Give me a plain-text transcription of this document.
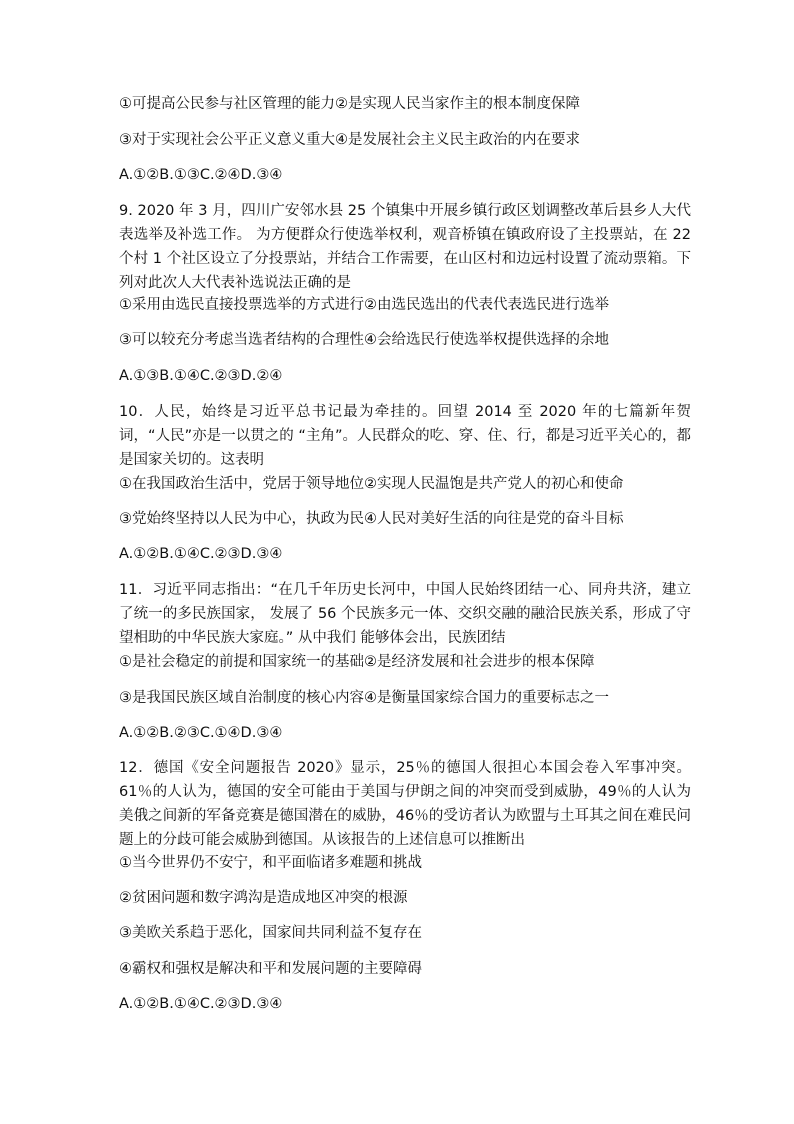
①可提高公民参与社区管理的能力②是实现人民当家作主的根本制度保障
③对于实现社会公平正义意义重大④是发展社会主义民主政治的内在要求
A.①②B.①③C.②④D.③④
9. 2020 年 3 月，四川广安邻水县 25 个镇集中开展乡镇行政区划调整改革后县乡人大代表选举及补选工作。 为方便群众行使选举权利，观音桥镇在镇政府设了主投票站，在 22 个村 1 个社区设立了分投票站，并结合工作需要，在山区村和边远村设置了流动票箱。下列对此次人大代表补选说法正确的是
①采用由选民直接投票选举的方式进行②由选民选出的代表代表选民进行选举
③可以较充分考虑当选者结构的合理性④会给选民行使选举权提供选择的余地
A.①③B.①④C.②③D.②④
10．人民，始终是习近平总书记最为牵挂的。回望 2014 至 2020 年的七篇新年贺词，“人民”亦是一以贯之的 “主角”。人民群众的吃、穿、住、行，都是习近平关心的，都是国家关切的。这表明
①在我国政治生活中，党居于领导地位②实现人民温饱是共产党人的初心和使命
③党始终坚持以人民为中心，执政为民④人民对美好生活的向往是党的奋斗目标
A.①②B.①④C.②③D.③④
11．习近平同志指出：“在几千年历史长河中，中国人民始终团结一心、同舟共济，建立了统一的多民族国家， 发展了 56 个民族多元一体、交织交融的融洽民族关系，形成了守望相助的中华民族大家庭。” 从中我们 能够体会出，民族团结
①是社会稳定的前提和国家统一的基础②是经济发展和社会进步的根本保障
③是我国民族区域自治制度的核心内容④是衡量国家综合国力的重要标志之一
A.①②B.②③C.①④D.③④
12．德国《安全问题报告 2020》显示，25％的德国人很担心本国会卷入军事冲突。61％的人认为，德国的安全可能由于美国与伊朗之间的冲突而受到威胁，49％的人认为美俄之间新的军备竞赛是德国潜在的威胁，46％的受访者认为欧盟与土耳其之间在难民问题上的分歧可能会威胁到德国。从该报告的上述信息可以推断出
①当今世界仍不安宁，和平面临诸多难题和挑战
②贫困问题和数字鸿沟是造成地区冲突的根源
③美欧关系趋于恶化，国家间共同利益不复存在
④霸权和强权是解决和平和发展问题的主要障碍
A.①②B.①④C.②③D.③④
